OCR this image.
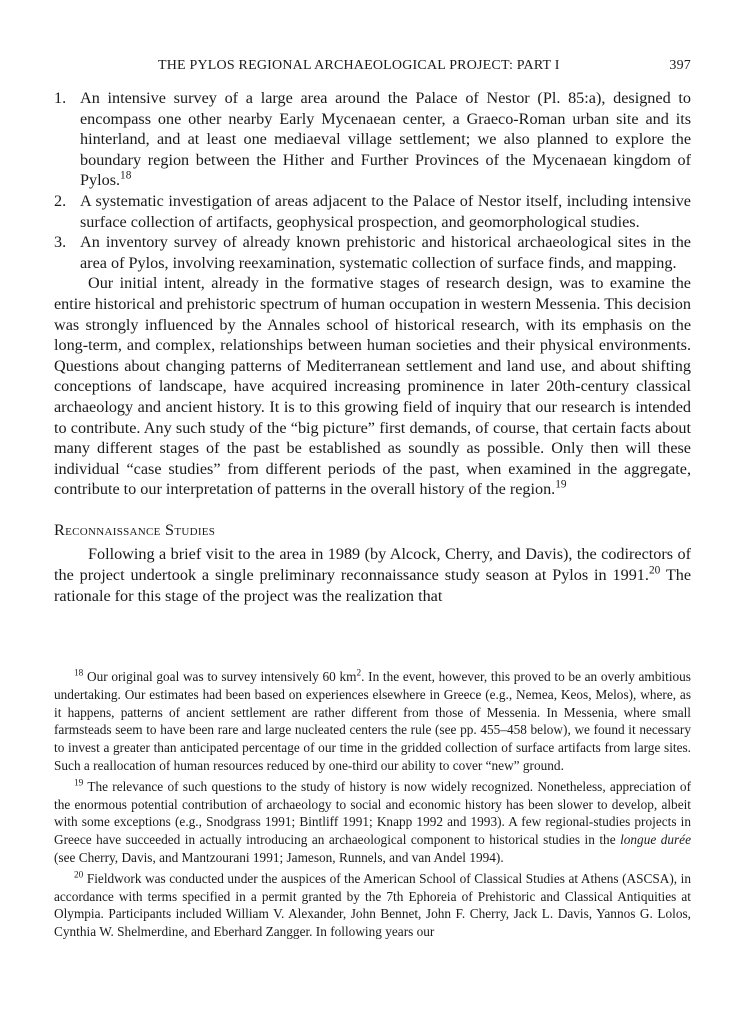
THE PYLOS REGIONAL ARCHAEOLOGICAL PROJECT: PART I	397
1. An intensive survey of a large area around the Palace of Nestor (Pl. 85:a), designed to encompass one other nearby Early Mycenaean center, a Graeco-Roman urban site and its hinterland, and at least one mediaeval village settlement; we also planned to explore the boundary region between the Hither and Further Provinces of the Mycenaean kingdom of Pylos.$^{18}$
2. A systematic investigation of areas adjacent to the Palace of Nestor itself, including intensive surface collection of artifacts, geophysical prospection, and geomorphological studies.
3. An inventory survey of already known prehistoric and historical archaeological sites in the area of Pylos, involving reexamination, systematic collection of surface finds, and mapping.

Our initial intent, already in the formative stages of research design, was to examine the entire historical and prehistoric spectrum of human occupation in western Messenia. This decision was strongly influenced by the Annales school of historical research, with its emphasis on the long-term, and complex, relationships between human societies and their physical environments. Questions about changing patterns of Mediterranean settlement and land use, and about shifting conceptions of landscape, have acquired increasing prominence in later 20th-century classical archaeology and ancient history. It is to this growing field of inquiry that our research is intended to contribute. Any such study of the “big picture” first demands, of course, that certain facts about many different stages of the past be established as soundly as possible. Only then will these individual “case studies” from different periods of the past, when examined in the aggregate, contribute to our interpretation of patterns in the overall history of the region.$^{19}$

Reconnaissance Studies

Following a brief visit to the area in 1989 (by Alcock, Cherry, and Davis), the codirectors of the project undertook a single preliminary reconnaissance study season at Pylos in 1991.20 The rationale for this stage of the project was the realization that

$^{18}$ Our original goal was to survey intensively 60 $km^2$. In the event, however, this proved to be an overly ambitious undertaking. Our estimates had been based on experiences elsewhere in Greece (e.g., Nemea, Keos, Melos), where, as it happens, patterns of ancient settlement are rather different from those of Messenia. In Messenia, where small farmsteads seem to have been rare and large nucleated centers the rule (see pp. 455–458 below), we found it necessary to invest a greater than anticipated percentage of our time in the gridded collection of surface artifacts from large sites. Such a reallocation of human resources reduced by one-third our ability to cover “new” ground.

$^{19}$ The relevance of such questions to the study of history is now widely recognized. Nonetheless, appreciation of the enormous potential contribution of archaeology to social and economic history has been slower to develop, albeit with some exceptions (e.g., Snodgrass 1991; Bintliff 1991; Knapp 1992 and 1993). A few regional-studies projects in Greece have succeeded in actually introducing an archaeological component to historical studies in the longue durée (see Cherry, Davis, and Mantzourani 1991; Jameson, Runnels, and van Andel 1994).

$^{20}$ Fieldwork was conducted under the auspices of the American School of Classical Studies at Athens (ASCSA), in accordance with terms specified in a permit granted by the 7th Ephoreia of Prehistoric and Classical Antiquities at Olympia. Participants included William V. Alexander, John Bennet, John F. Cherry, Jack L. Davis, Yannos G. Lolos, Cynthia W. Shelmerdine, and Eberhard Zangger. In following years our
